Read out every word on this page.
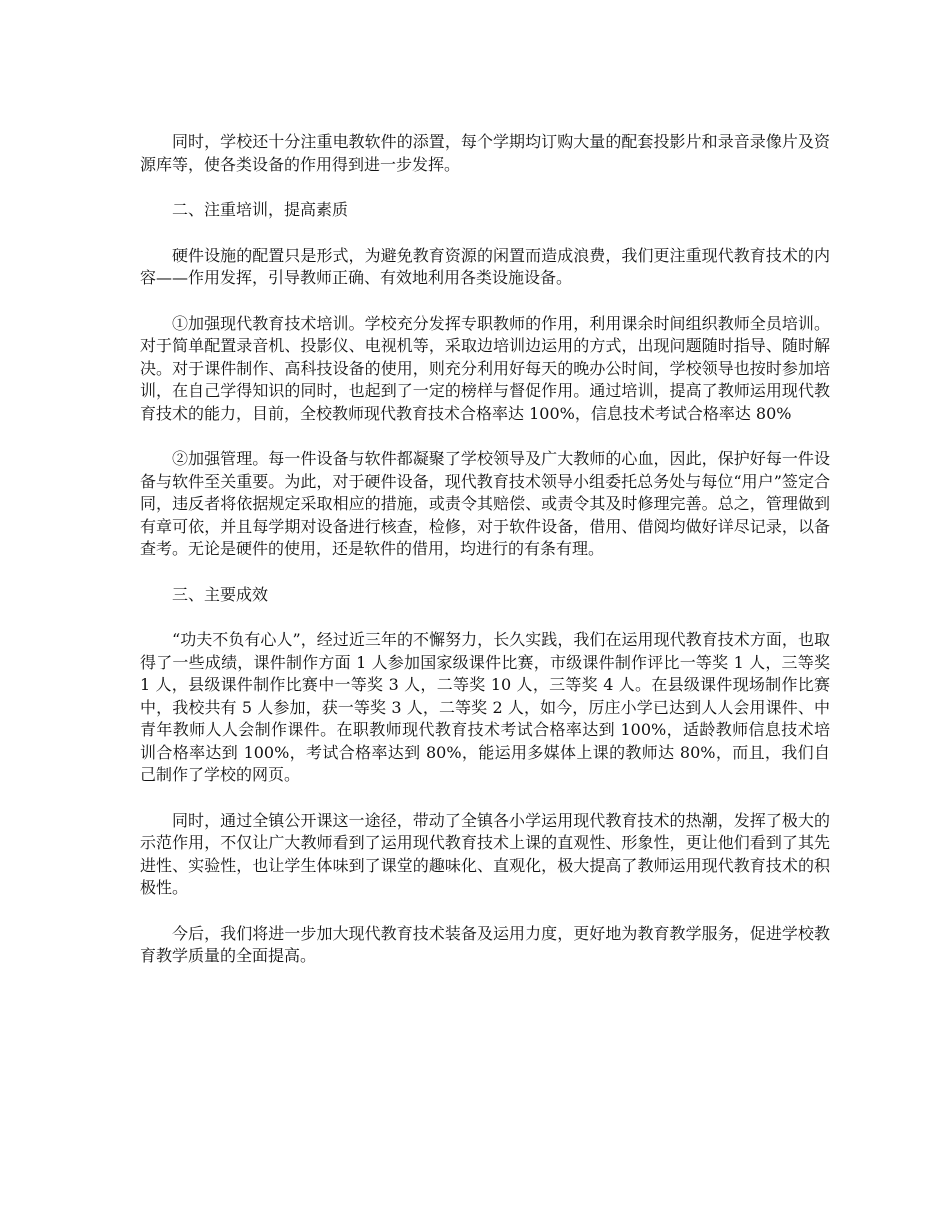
同时，学校还十分注重电教软件的添置，每个学期均订购大量的配套投影片和录音录像片及资源库等，使各类设备的作用得到进一步发挥。

二、注重培训，提高素质

硬件设施的配置只是形式，为避免教育资源的闲置而造成浪费，我们更注重现代教育技术的内容——作用发挥，引导教师正确、有效地利用各类设施设备。

①加强现代教育技术培训。学校充分发挥专职教师的作用，利用课余时间组织教师全员培训。对于简单配置录音机、投影仪、电视机等，采取边培训边运用的方式，出现问题随时指导、随时解决。对于课件制作、高科技设备的使用，则充分利用好每天的晚办公时间，学校领导也按时参加培训，在自己学得知识的同时，也起到了一定的榜样与督促作用。通过培训，提高了教师运用现代教育技术的能力，目前，全校教师现代教育技术合格率达 100%，信息技术考试合格率达 80%

②加强管理。每一件设备与软件都凝聚了学校领导及广大教师的心血，因此，保护好每一件设备与软件至关重要。为此，对于硬件设备，现代教育技术领导小组委托总务处与每位“用户”签定合同，违反者将依据规定采取相应的措施，或责令其赔偿、或责令其及时修理完善。总之，管理做到有章可依，并且每学期对设备进行核查，检修，对于软件设备，借用、借阅均做好详尽记录，以备查考。无论是硬件的使用，还是软件的借用，均进行的有条有理。

三、主要成效

“功夫不负有心人”，经过近三年的不懈努力，长久实践，我们在运用现代教育技术方面，也取得了一些成绩，课件制作方面 1 人参加国家级课件比赛，市级课件制作评比一等奖 1 人，三等奖 1 人，县级课件制作比赛中一等奖 3 人，二等奖 10 人，三等奖 4 人。在县级课件现场制作比赛中，我校共有 5 人参加，获一等奖 3 人，二等奖 2 人，如今，厉庄小学已达到人人会用课件、中青年教师人人会制作课件。在职教师现代教育技术考试合格率达到 100%，适龄教师信息技术培训合格率达到 100%，考试合格率达到 80%，能运用多媒体上课的教师达 80%，而且，我们自己制作了学校的网页。

同时，通过全镇公开课这一途径，带动了全镇各小学运用现代教育技术的热潮，发挥了极大的示范作用，不仅让广大教师看到了运用现代教育技术上课的直观性、形象性，更让他们看到了其先进性、实验性，也让学生体味到了课堂的趣味化、直观化，极大提高了教师运用现代教育技术的积极性。

今后，我们将进一步加大现代教育技术装备及运用力度，更好地为教育教学服务，促进学校教育教学质量的全面提高。
